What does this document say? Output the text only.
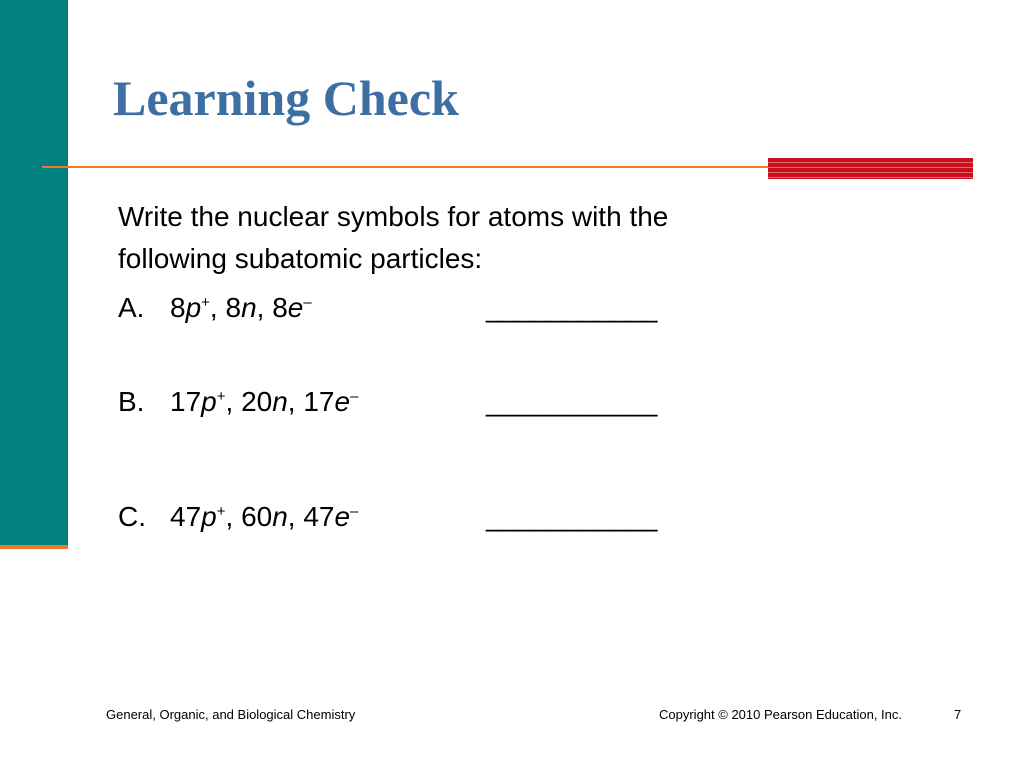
Learning Check
Write the nuclear symbols for atoms with the
following subatomic particles:
A. 8p+, 8n, 8e–	___________
B. 17p+, 20n, 17e–	___________
C. 47p+, 60n, 47e–	___________
General, Organic, and Biological Chemistry	Copyright © 2010 Pearson Education, Inc.	7
